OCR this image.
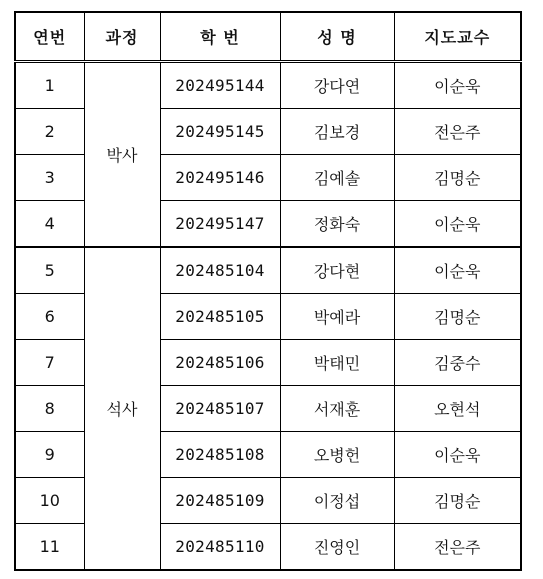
연번	과정	학 번	성 명	지도교수
1	박사	202495144	강다연	이순욱
2		202495145	김보경	전은주
3		202495146	김예솔	김명순
4		202495147	정화숙	이순욱
5	석사	202485104	강다현	이순욱
6		202485105	박예라	김명순
7		202485106	박태민	김중수
8		202485107	서재훈	오현석
9		202485108	오병헌	이순욱
10		202485109	이정섭	김명순
11		202485110	진영인	전은주
